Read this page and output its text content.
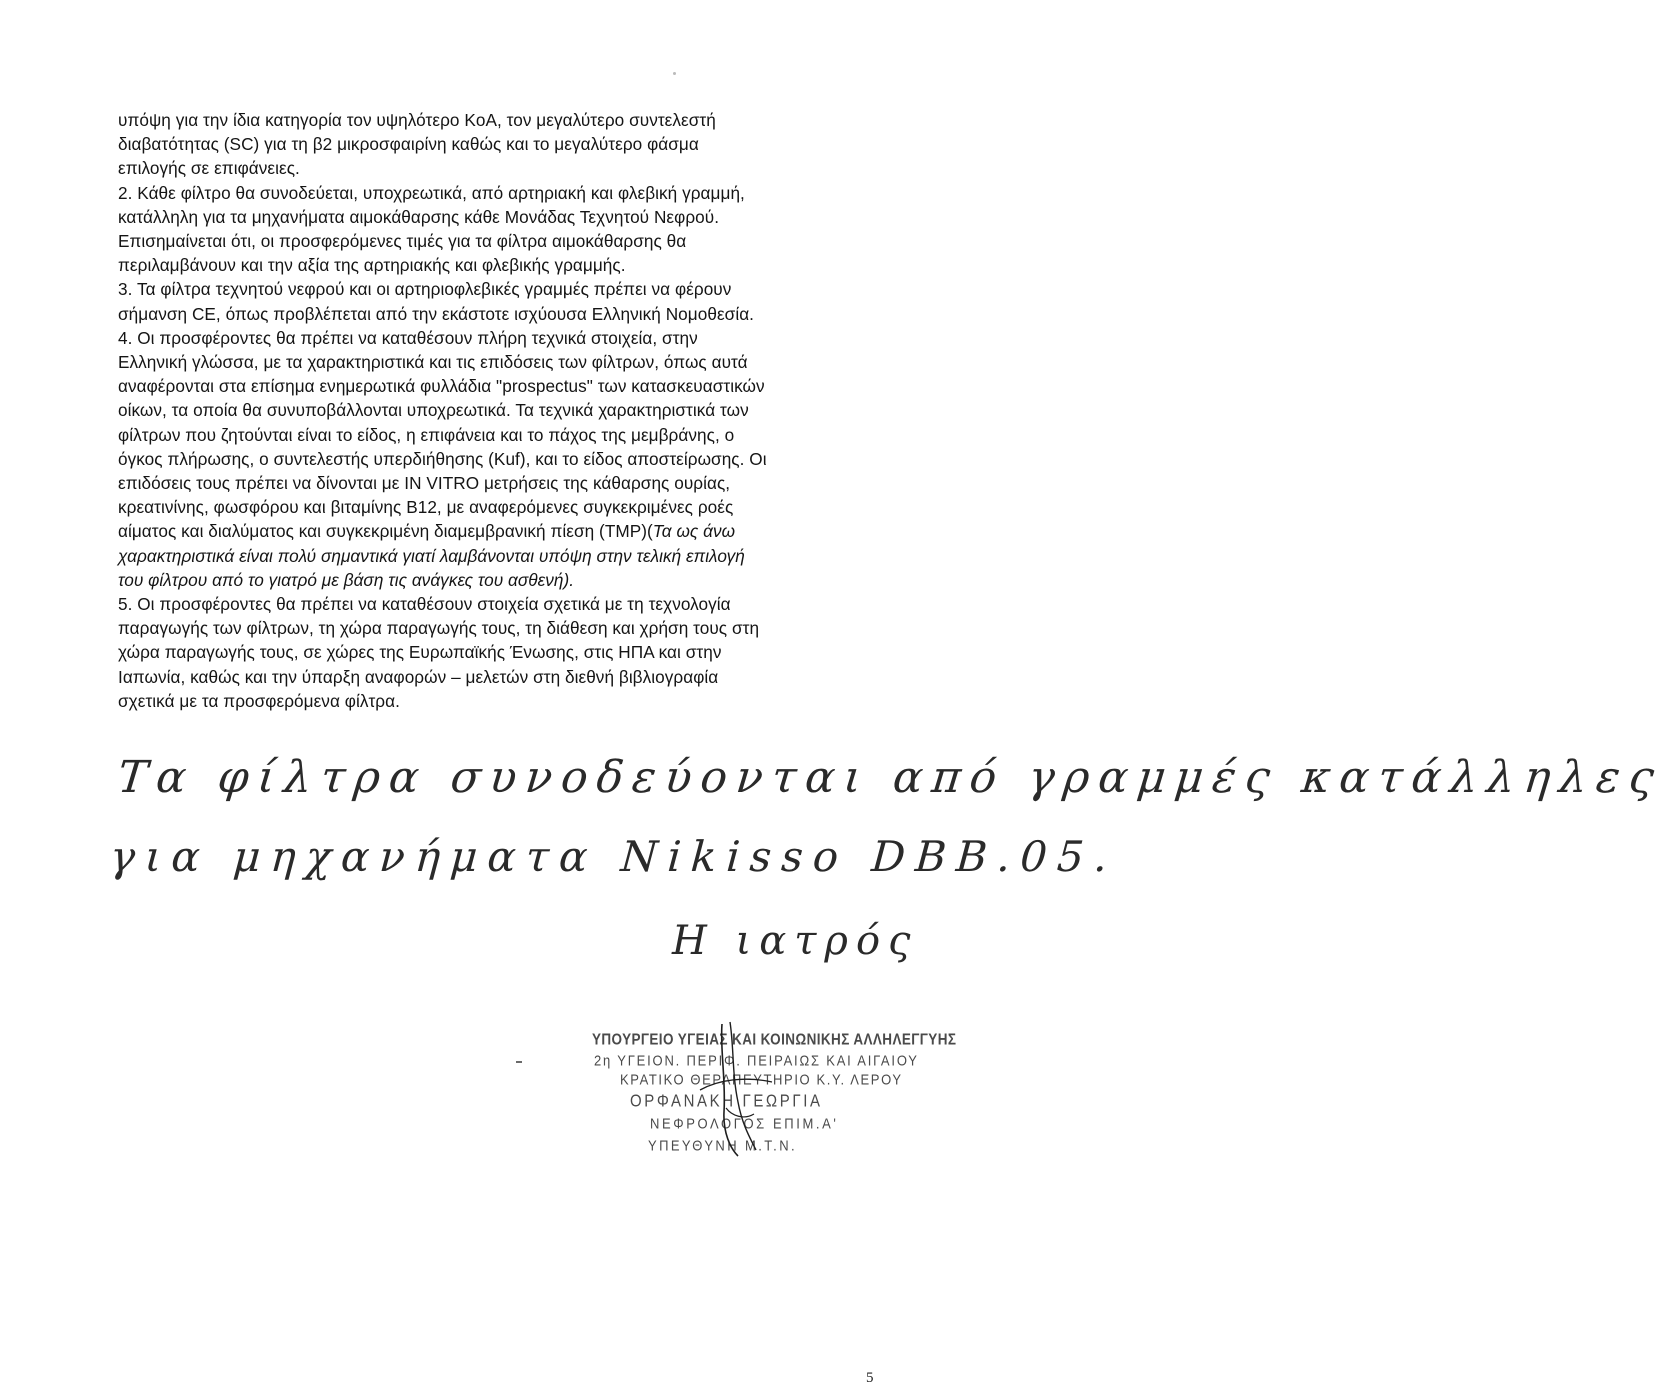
υπόψη για την ίδια κατηγορία τον υψηλότερο KoA, τον μεγαλύτερο συντελεστή
διαβατότητας (SC) για τη β2 μικροσφαιρίνη καθώς και το μεγαλύτερο φάσμα
επιλογής σε επιφάνειες.
2. Κάθε φίλτρο θα συνοδεύεται, υποχρεωτικά, από αρτηριακή και φλεβική γραμμή,
κατάλληλη για τα μηχανήματα αιμοκάθαρσης κάθε Μονάδας Τεχνητού Νεφρού.
Επισημαίνεται ότι, οι προσφερόμενες τιμές για τα φίλτρα αιμοκάθαρσης θα
περιλαμβάνουν και την αξία της αρτηριακής και φλεβικής γραμμής.
3. Τα φίλτρα τεχνητού νεφρού και οι αρτηριοφλεβικές γραμμές πρέπει να φέρουν
σήμανση CE, όπως προβλέπεται από την εκάστοτε ισχύουσα Ελληνική Νομοθεσία.
4. Οι προσφέροντες θα πρέπει να καταθέσουν πλήρη τεχνικά στοιχεία, στην
Ελληνική γλώσσα, με τα χαρακτηριστικά και τις επιδόσεις των φίλτρων, όπως αυτά
αναφέρονται στα επίσημα ενημερωτικά φυλλάδια "prospectus" των κατασκευαστικών
οίκων, τα οποία θα συνυποβάλλονται υποχρεωτικά. Τα τεχνικά χαρακτηριστικά των
φίλτρων που ζητούνται είναι το είδος, η επιφάνεια και το πάχος της μεμβράνης, ο
όγκος πλήρωσης, ο συντελεστής υπερδιήθησης (Kuf), και το είδος αποστείρωσης. Οι
επιδόσεις τους πρέπει να δίνονται με IN VITRO μετρήσεις της κάθαρσης ουρίας,
κρεατινίνης, φωσφόρου και βιταμίνης B12, με αναφερόμενες συγκεκριμένες ροές
αίματος και διαλύματος και συγκεκριμένη διαμεμβρανική πίεση (TMP)(Τα ως άνω
χαρακτηριστικά είναι πολύ σημαντικά γιατί λαμβάνονται υπόψη στην τελική επιλογή
του φίλτρου από το γιατρό με βάση τις ανάγκες του ασθενή).
5. Οι προσφέροντες θα πρέπει να καταθέσουν στοιχεία σχετικά με τη τεχνολογία
παραγωγής των φίλτρων, τη χώρα παραγωγής τους, τη διάθεση και χρήση τους στη
χώρα παραγωγής τους, σε χώρες της Ευρωπαϊκής Ένωσης, στις ΗΠΑ και στην
Ιαπωνία, καθώς και την ύπαρξη αναφορών – μελετών στη διεθνή βιβλιογραφία
σχετικά με τα προσφερόμενα φίλτρα.
Τα φίλτρα συνοδεύονται από γραμμές κατάλληλες
για μηχανήματα Nikisso DBB.05.
Η ιατρός
ΥΠΟΥΡΓΕΙΟ ΥΓΕΙΑΣ ΚΑΙ ΚΟΙΝΩΝΙΚΗΣ ΑΛΛΗΛΕΓΓΥΗΣ
2η ΥΓΕΙΟΝ. ΠΕΡΙΦ. ΠΕΙΡΑΙΩΣ ΚΑΙ ΑΙΓΑΙΟΥ
ΚΡΑΤΙΚΟ ΘΕΡΑΠΕΥΤΗΡΙΟ Κ.Υ. ΛΕΡΟΥ
ΟΡΦΑΝΑΚΗ ΓΕΩΡΓΙΑ
ΝΕΦΡΟΛΟΓΟΣ ΕΠΙΜ.Α'
ΥΠΕΥΘΥΝΗ Μ.Τ.Ν.
5
